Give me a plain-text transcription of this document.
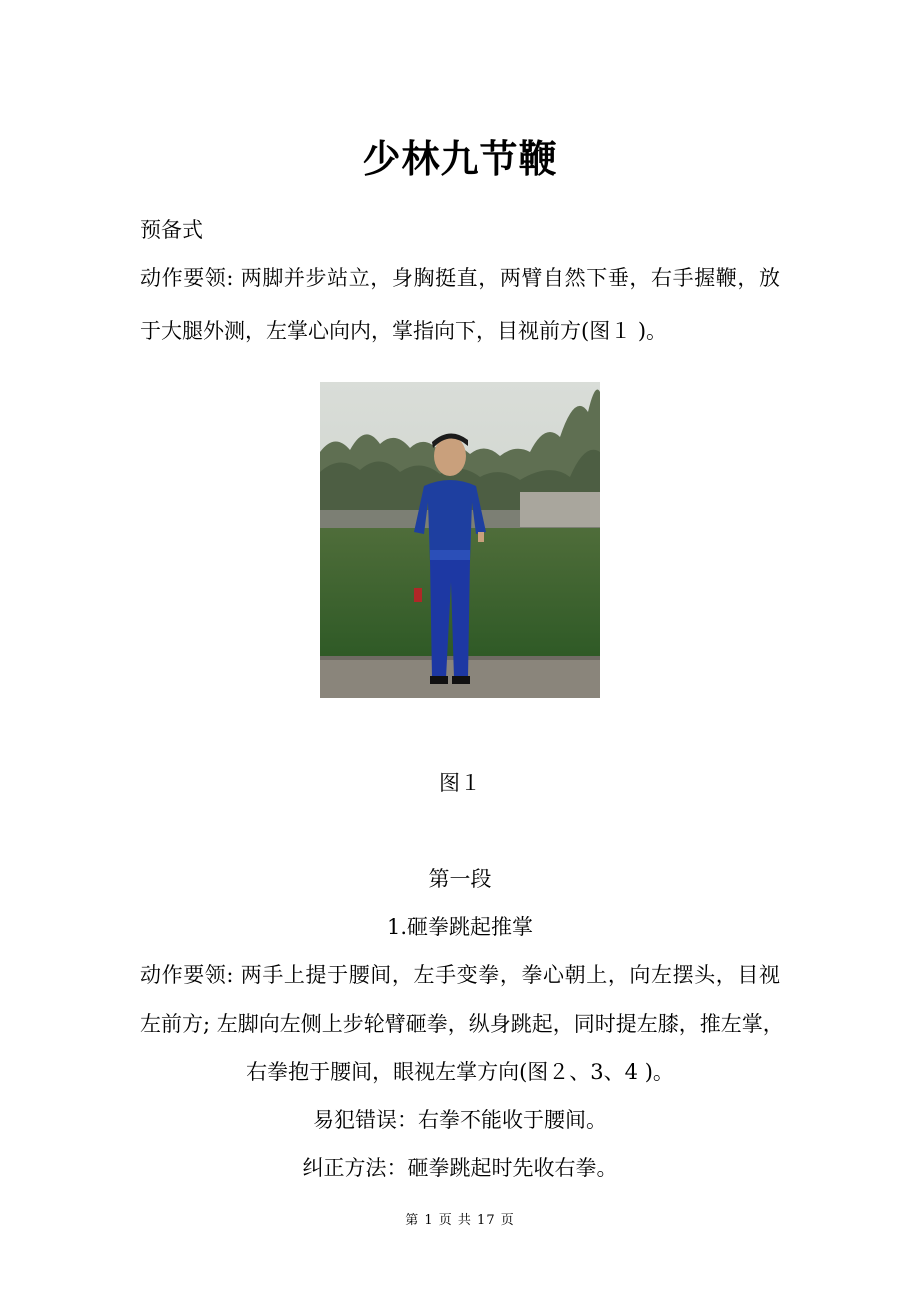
少林九节鞭
预备式
动作要领: 两脚并步站立，身胸挺直，两臂自然下垂，右手握鞭，放
于大腿外测，左掌心向内，掌指向下，目视前方(图１ )。
图１
第一段
1.砸拳跳起推掌
动作要领: 两手上提于腰间，左手变拳，拳心朝上，向左摆头，目视
左前方; 左脚向左侧上步轮臂砸拳，纵身跳起，同时提左膝，推左掌，
右拳抱于腰间，眼视左掌方向(图２、3、4 )。
易犯错误：右拳不能收于腰间。
纠正方法：砸拳跳起时先收右拳。
第 1 页 共 17 页
